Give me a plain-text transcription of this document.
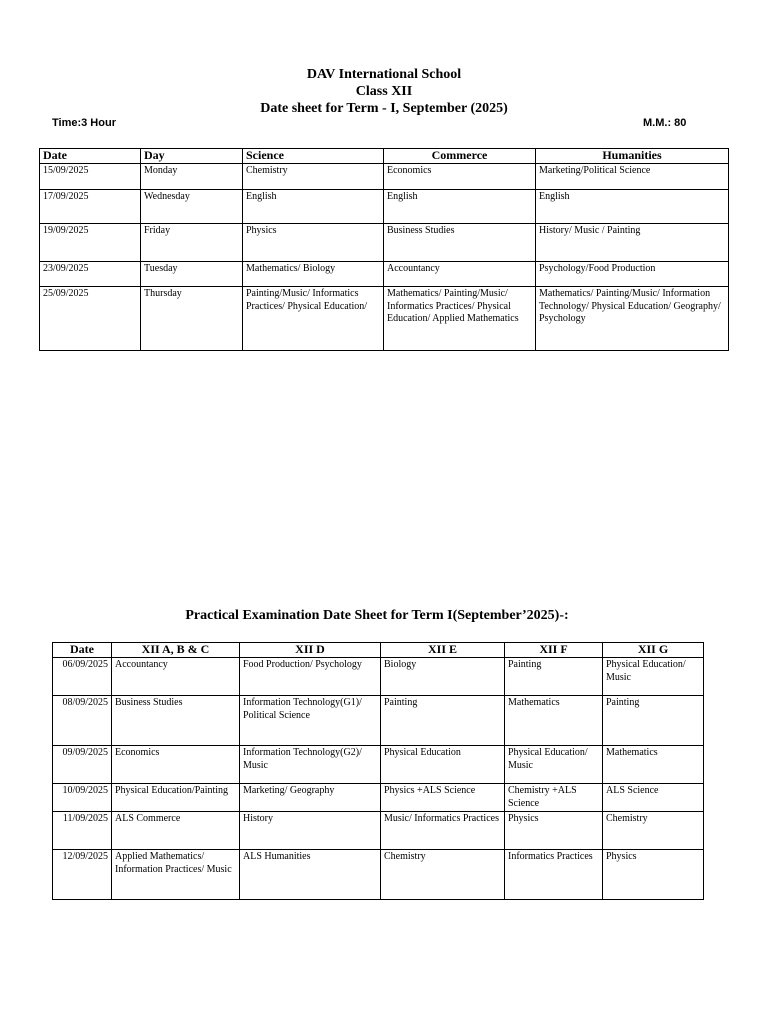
DAV International School
Class XII
Date sheet for Term - I, September (2025)
Time:3 Hour	M.M.: 80
Date	Day	Science	Commerce	Humanities
15/09/2025	Monday	Chemistry	Economics	Marketing/Political Science
17/09/2025	Wednesday	English	English	English
19/09/2025	Friday	Physics	Business Studies	History/ Music / Painting
23/09/2025	Tuesday	Mathematics/ Biology	Accountancy	Psychology/Food Production
25/09/2025	Thursday	Painting/Music/ Informatics Practices/ Physical Education/	Mathematics/ Painting/Music/ Informatics Practices/ Physical Education/ Applied Mathematics	Mathematics/ Painting/Music/ Information Technology/ Physical Education/ Geography/ Psychology
Practical Examination Date Sheet for Term I(September’2025)-:
Date	XII A, B & C	XII D	XII E	XII F	XII G
06/09/2025	Accountancy	Food Production/ Psychology	Biology	Painting	Physical Education/ Music
08/09/2025	Business Studies	Information Technology(G1)/ Political Science	Painting	Mathematics	Painting
09/09/2025	Economics	Information Technology(G2)/ Music	Physical Education	Physical Education/ Music	Mathematics
10/09/2025	Physical Education/Painting	Marketing/ Geography	Physics +ALS Science	Chemistry +ALS Science	ALS Science
11/09/2025	ALS Commerce	History	Music/ Informatics Practices	Physics	Chemistry
12/09/2025	Applied Mathematics/ Information Practices/ Music	ALS Humanities	Chemistry	Informatics Practices	Physics
